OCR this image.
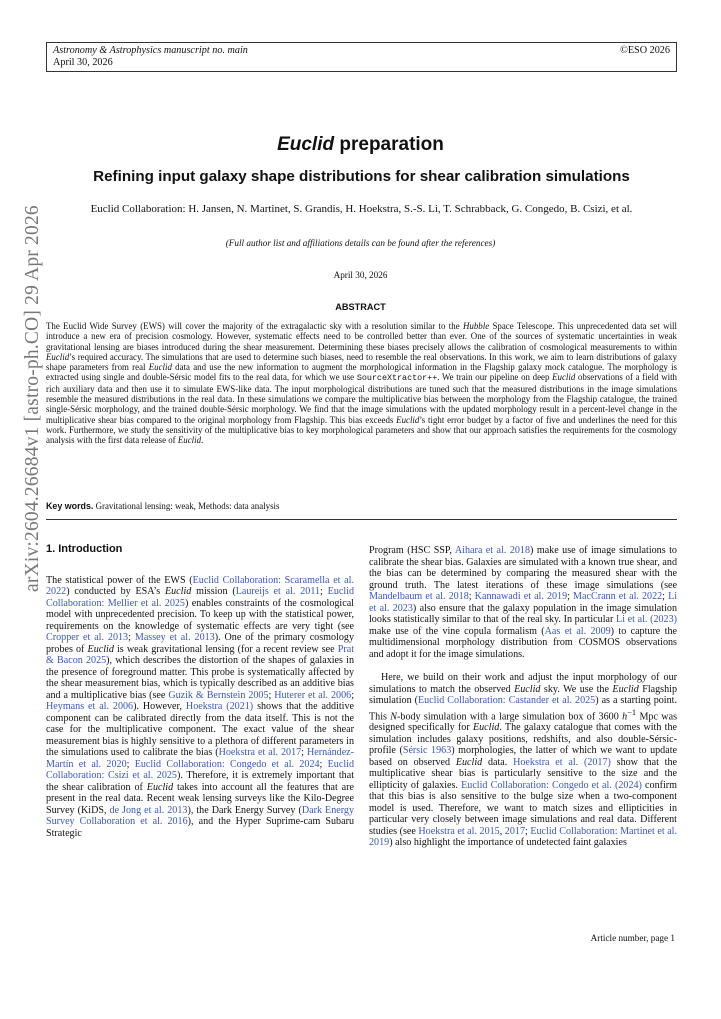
Astronomy & Astrophysics manuscript no. main
April 30, 2026
©ESO 2026
arXiv:2604.26684v1 [astro-ph.CO] 29 Apr 2026
Euclid preparation
Refining input galaxy shape distributions for shear calibration simulations
Euclid Collaboration: H. Jansen, N. Martinet, S. Grandis, H. Hoekstra, S.-S. Li, T. Schrabback, G. Congedo, B. Csizi, et al.
(Full author list and affiliations details can be found after the references)
April 30, 2026
ABSTRACT
The Euclid Wide Survey (EWS) will cover the majority of the extragalactic sky with a resolution similar to the Hubble Space Telescope. This unprecedented data set will introduce a new era of precision cosmology. However, systematic effects need to be controlled better than ever. One of the sources of systematic uncertainties in weak gravitational lensing are biases introduced during the shear measurement. Determining these biases precisely allows the calibration of cosmological measurements to within Euclid’s required accuracy. The simulations that are used to determine such biases, need to resemble the real observations. In this work, we aim to learn distributions of galaxy shape parameters from real Euclid data and use the new information to augment the morphological information in the Flagship galaxy mock catalogue. The morphology is extracted using single and double-Sérsic model fits to the real data, for which we use SourceXtractor++. We train our pipeline on deep Euclid observations of a field with rich auxiliary data and then use it to simulate EWS-like data. The input morphological distributions are tuned such that the measured distributions in the image simulations resemble the measured distributions in the real data. In these simulations we compare the multiplicative bias between the morphology from the Flagship catalogue, the trained single-Sérsic morphology, and the trained double-Sérsic morphology. We find that the image simulations with the updated morphology result in a percent-level change in the multiplicative shear bias compared to the original morphology from Flagship. This bias exceeds Euclid’s tight error budget by a factor of five and underlines the need for this work. Furthermore, we study the sensitivity of the multiplicative bias to key morphological parameters and show that our approach satisfies the requirements for the cosmology analysis with the first data release of Euclid.
Key words. Gravitational lensing: weak, Methods: data analysis

1. Introduction

The statistical power of the EWS (Euclid Collaboration: Scaramella et al. 2022) conducted by ESA’s Euclid mission (Laureijs et al. 2011; Euclid Collaboration: Mellier et al. 2025) enables constraints of the cosmological model with unprecedented precision. To keep up with the statistical power, requirements on the knowledge of systematic effects are very tight (see Cropper et al. 2013; Massey et al. 2013). One of the primary cosmology probes of Euclid is weak gravitational lensing (for a recent review see Prat & Bacon 2025), which describes the distortion of the shapes of galaxies in the presence of foreground matter. This probe is systematically affected by the shear measurement bias, which is typically described as an additive bias and a multiplicative bias (see Guzik & Bernstein 2005; Huterer et al. 2006; Heymans et al. 2006). However, Hoekstra (2021) shows that the additive component can be calibrated directly from the data itself. This is not the case for the multiplicative component. The exact value of the shear measurement bias is highly sensitive to a plethora of different parameters in the simulations used to calibrate the bias (Hoekstra et al. 2017; Hernández-Martín et al. 2020; Euclid Collaboration: Congedo et al. 2024; Euclid Collaboration: Csizi et al. 2025). Therefore, it is extremely important that the shear calibration of Euclid takes into account all the features that are present in the real data. Recent weak lensing surveys like the Kilo-Degree Survey (KiDS, de Jong et al. 2013), the Dark Energy Survey (Dark Energy Survey Collaboration et al. 2016), and the Hyper Suprime-cam Subaru Strategic

Program (HSC SSP, Aihara et al. 2018) make use of image simulations to calibrate the shear bias. Galaxies are simulated with a known true shear, and the bias can be determined by comparing the measured shear with the ground truth. The latest iterations of these image simulations (see Mandelbaum et al. 2018; Kannawadi et al. 2019; MacCrann et al. 2022; Li et al. 2023) also ensure that the galaxy population in the image simulation looks statistically similar to that of the real sky. In particular Li et al. (2023) make use of the vine copula formalism (Aas et al. 2009) to capture the multidimensional morphology distribution from COSMOS observations and adopt it for the image simulations.

Here, we build on their work and adjust the input morphology of our simulations to match the observed Euclid sky. We use the Euclid Flagship simulation (Euclid Collaboration: Castander et al. 2025) as a starting point. This N-body simulation with a large simulation box of 3600 $h^{-1}$ Mpc was designed specifically for Euclid. The galaxy catalogue that comes with the simulation includes galaxy positions, redshifts, and also double-Sérsic-profile (Sérsic 1963) morphologies, the latter of which we want to update based on observed Euclid data. Hoekstra et al. (2017) show that the multiplicative shear bias is particularly sensitive to the size and the ellipticity of galaxies. Euclid Collaboration: Congedo et al. (2024) confirm that this bias is also sensitive to the bulge size when a two-component model is used. Therefore, we want to match sizes and ellipticities in particular very closely between image simulations and real data. Different studies (see Hoekstra et al. 2015, 2017; Euclid Collaboration: Martinet et al. 2019) also highlight the importance of undetected faint galaxies

Article number, page 1
